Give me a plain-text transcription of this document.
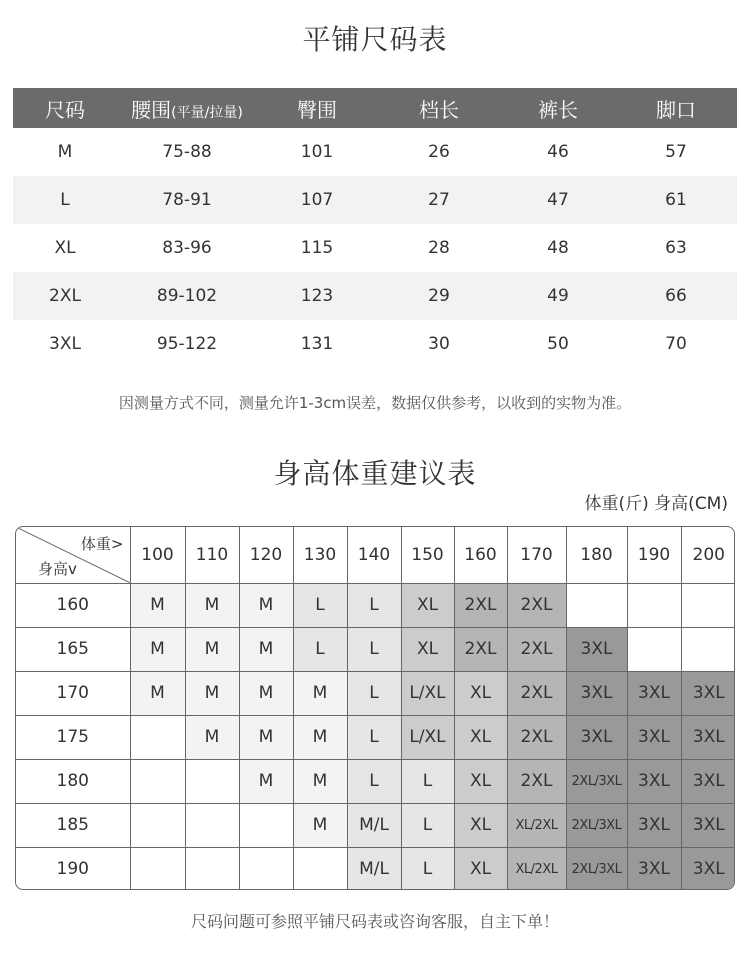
平铺尺码表
尺码	腰围(平量/拉量)	臀围	档长	裤长	脚口
M	75-88	101	26	46	57
L	78-91	107	27	47	61
XL	83-96	115	28	48	63
2XL	89-102	123	29	49	66
3XL	95-122	131	30	50	70
因测量方式不同，测量允许1-3cm误差，数据仅供参考，以收到的实物为准。
身高体重建议表
体重(斤) 身高(CM)
体重>
身高v	100	110	120	130	140	150	160	170	180	190	200
160	M	M	M	L	L	XL	2XL	2XL			
165	M	M	M	L	L	XL	2XL	2XL	3XL		
170	M	M	M	M	L	L/XL	XL	2XL	3XL	3XL	3XL
175		M	M	M	L	L/XL	XL	2XL	3XL	3XL	3XL
180			M	M	L	L	XL	2XL	2XL/3XL	3XL	3XL
185				M	M/L	L	XL	XL/2XL	2XL/3XL	3XL	3XL
190					M/L	L	XL	XL/2XL	2XL/3XL	3XL	3XL
尺码问题可参照平铺尺码表或咨询客服，自主下单！
